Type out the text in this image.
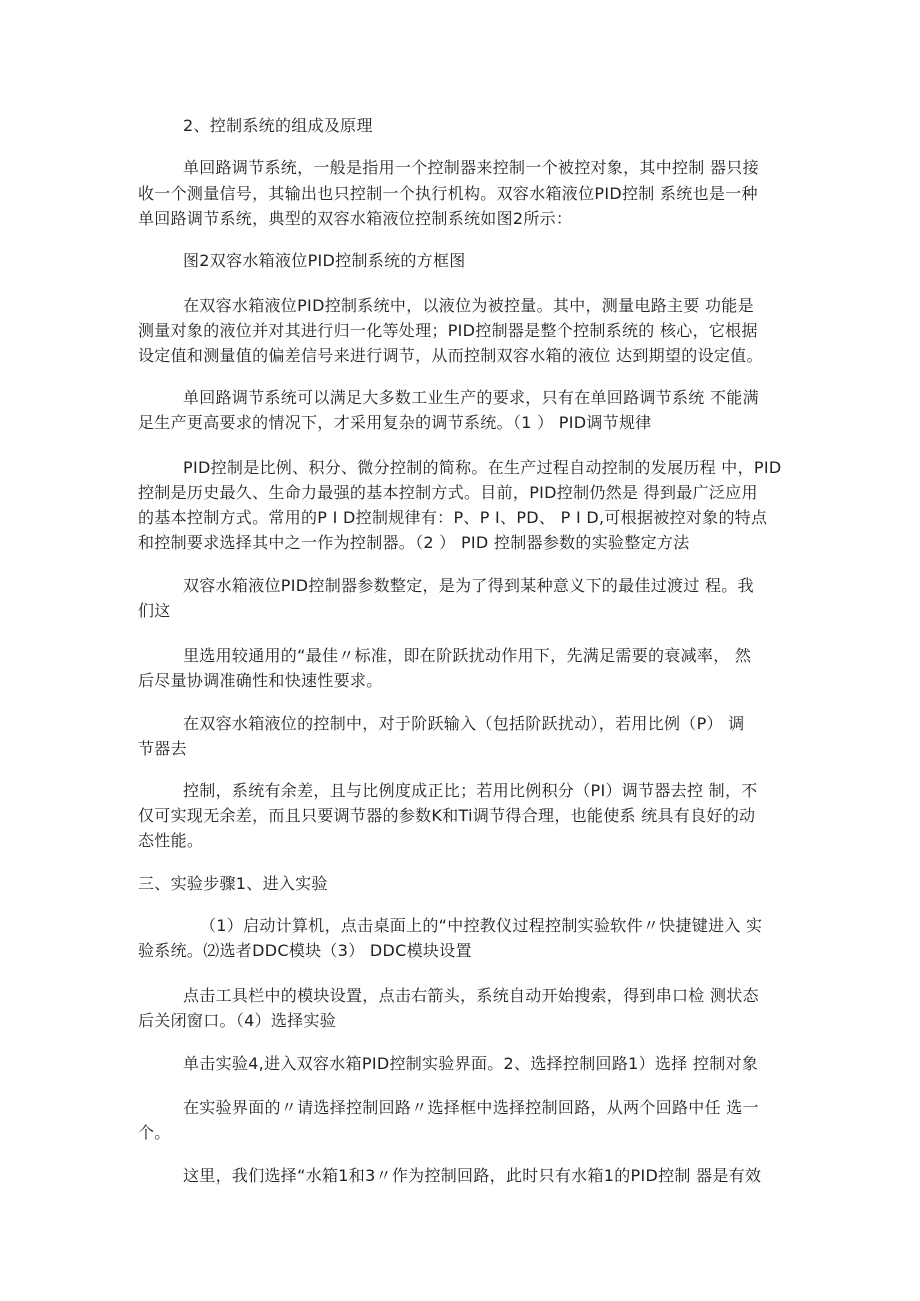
2、控制系统的组成及原理

单回路调节系统，一般是指用一个控制器来控制一个被控对象，其中控制 器只接

收一个测量信号，其输出也只控制一个执行机构。双容水箱液位PID控制 系统也是一种

单回路调节系统，典型的双容水箱液位控制系统如图2所示：

图2双容水箱液位PID控制系统的方框图

在双容水箱液位PID控制系统中，以液位为被控量。其中，测量电路主要 功能是

测量对象的液位并对其进行归一化等处理；PID控制器是整个控制系统的 核心，它根据

设定值和测量值的偏差信号来进行调节，从而控制双容水箱的液位 达到期望的设定值。

单回路调节系统可以满足大多数工业生产的要求，只有在单回路调节系统 不能满

足生产更高要求的情况下，才采用复杂的调节系统。（1 ） PID调节规律

PID控制是比例、积分、微分控制的简称。在生产过程自动控制的发展历程 中，PID

控制是历史最久、生命力最强的基本控制方式。目前，PID控制仍然是 得到最广泛应用

的基本控制方式。常用的P I D控制规律有：P、P I、PD、 P I D,可根据被控对象的特点

和控制要求选择其中之一作为控制器。（2 ） PID 控制器参数的实验整定方法

双容水箱液位PID控制器参数整定，是为了得到某种意义下的最佳过渡过 程。我

们这

里选用较通用的“最佳〃标准，即在阶跃扰动作用下，先满足需要的衰减率， 然

后尽量协调准确性和快速性要求。

在双容水箱液位的控制中，对于阶跃输入（包括阶跃扰动），若用比例（P） 调

节器去

控制，系统有余差，且与比例度成正比；若用比例积分（PI）调节器去控 制，不

仅可实现无余差，而且只要调节器的参数K和Ti调节得合理，也能使系 统具有良好的动

态性能。

三、实验步骤1、进入实验

（1）启动计算机，点击桌面上的“中控教仪过程控制实验软件〃快捷键进入 实

验系统。⑵选者DDC模块（3） DDC模块设置

点击工具栏中的模块设置，点击右箭头，系统自动开始搜索，得到串口检 测状态

后关闭窗口。（4）选择实验

单击实验4,进入双容水箱PID控制实验界面。2、选择控制回路1）选择 控制对象

在实验界面的〃请选择控制回路〃选择框中选择控制回路，从两个回路中任 选一

个。

这里，我们选择“水箱1和3〃作为控制回路，此时只有水箱1的PID控制 器是有效
